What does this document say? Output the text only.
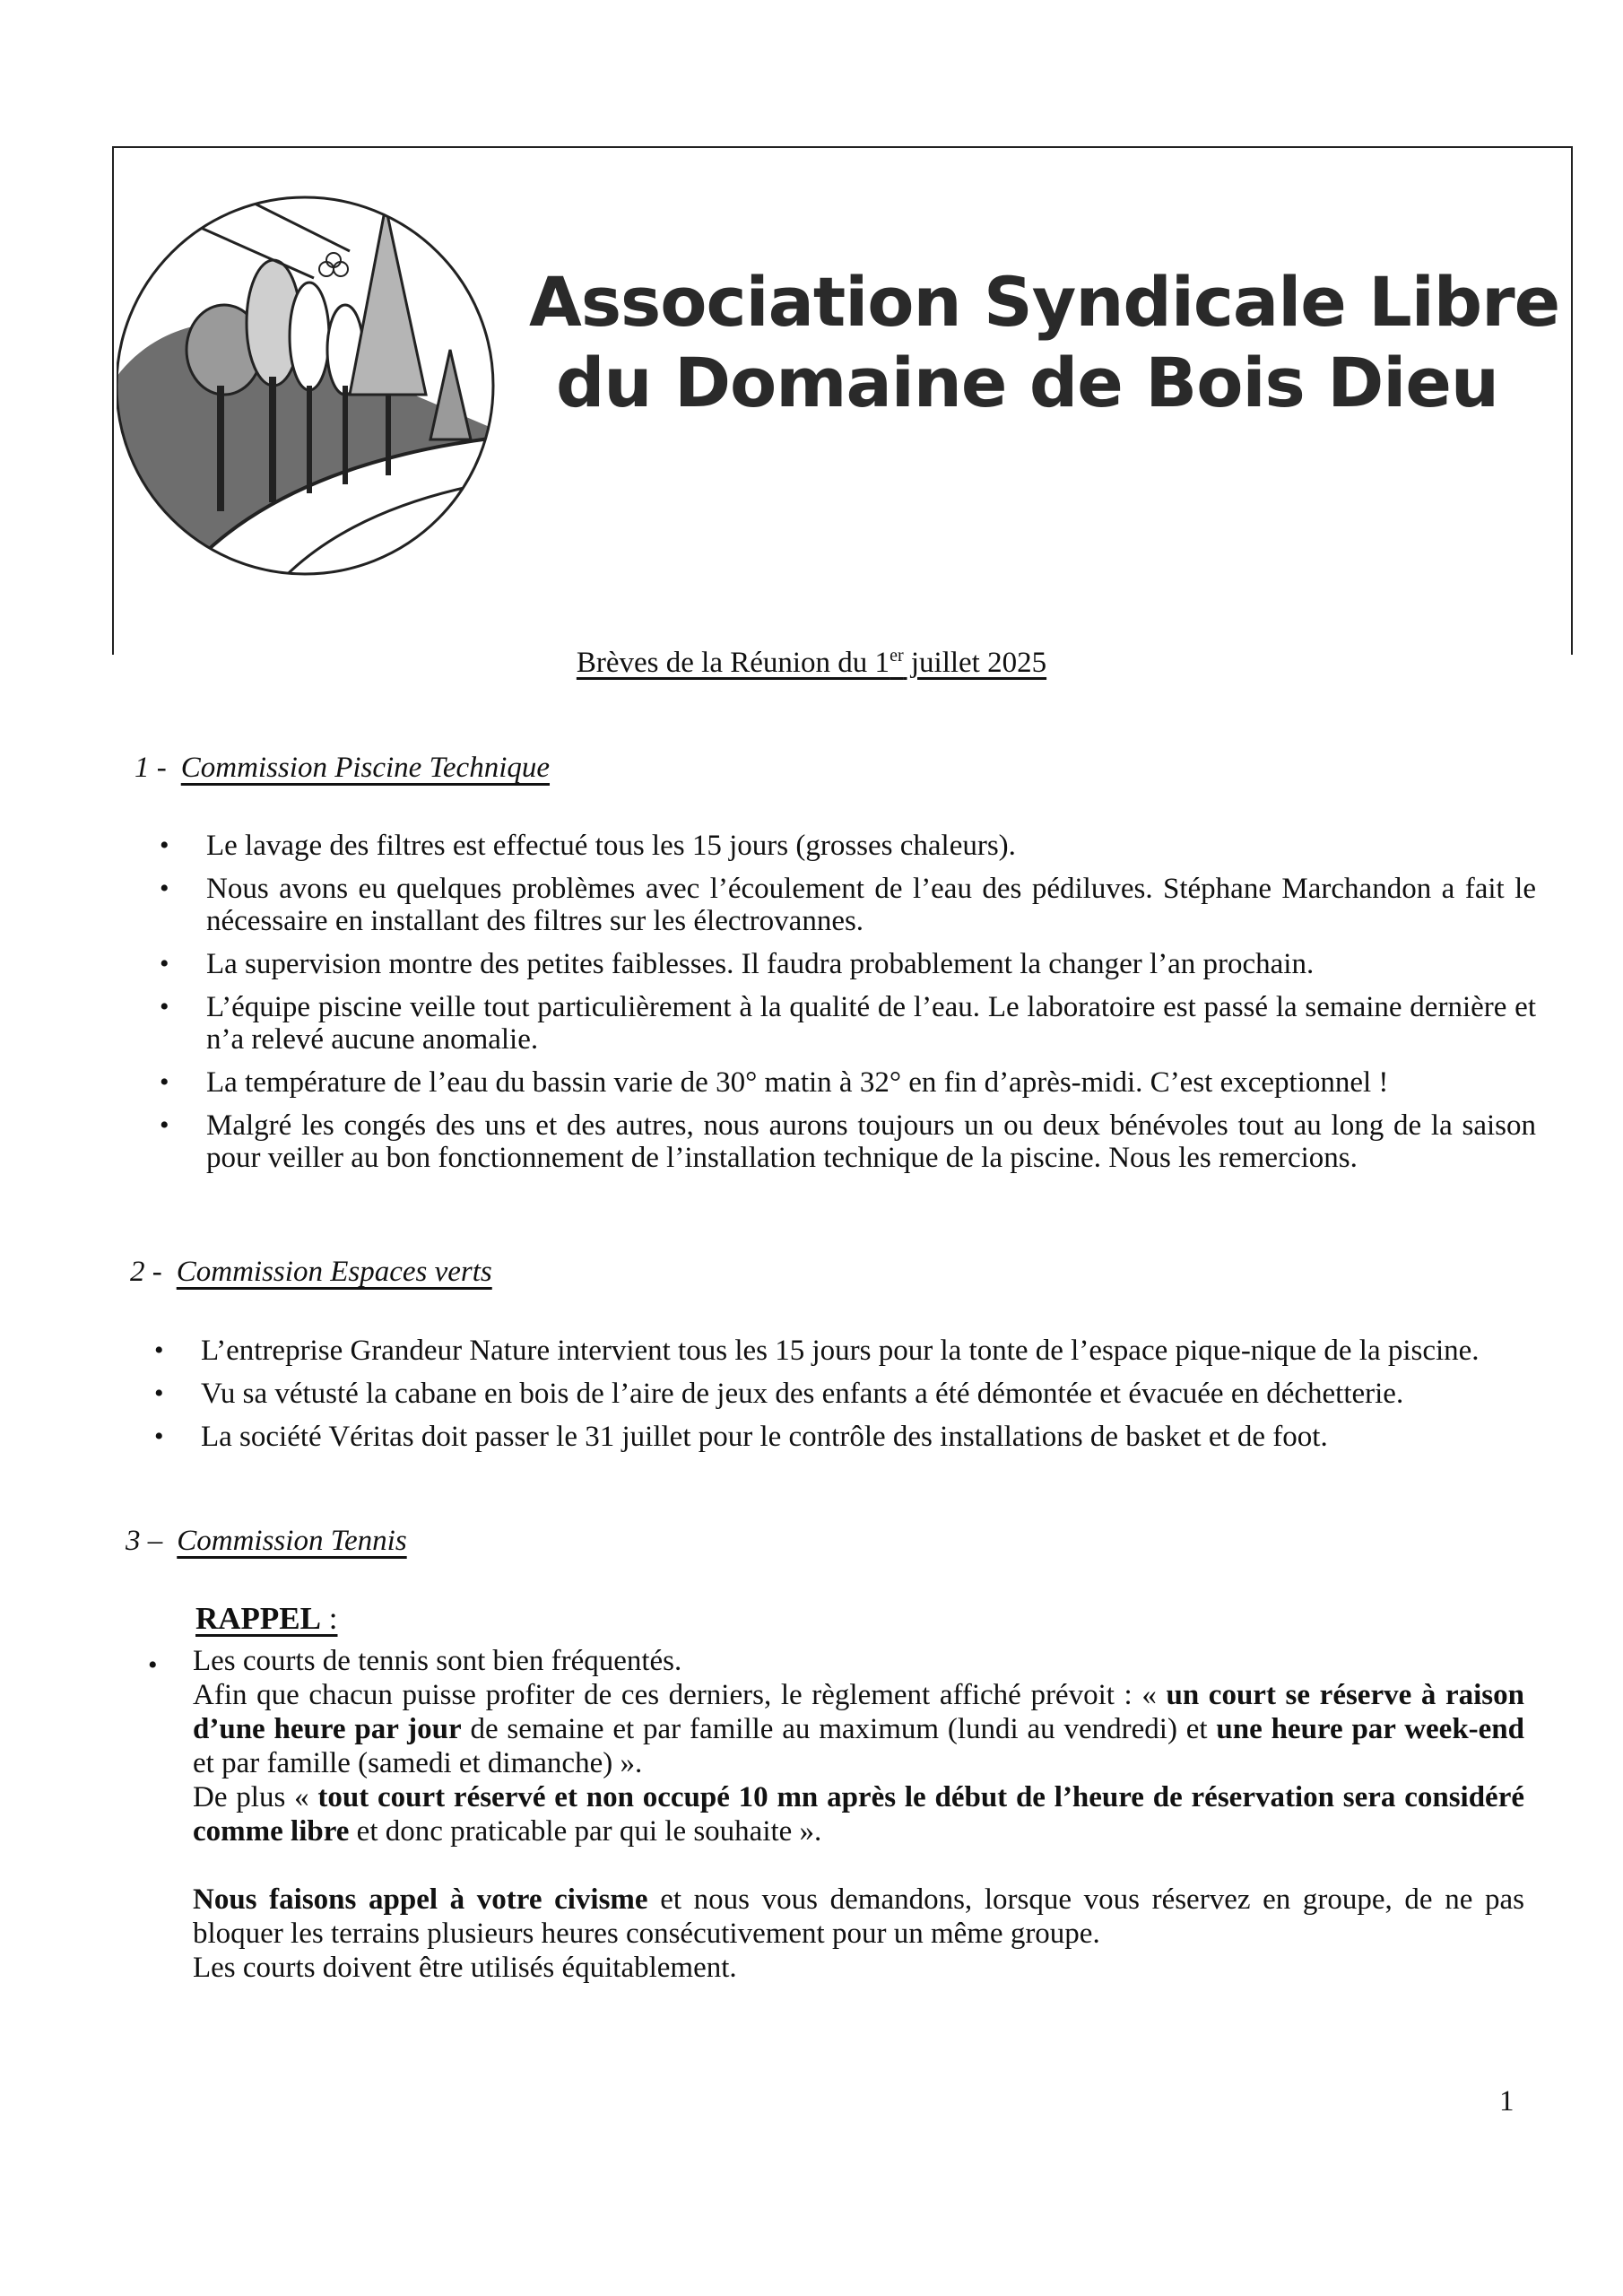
Association Syndicale Libre
du Domaine de Bois Dieu
Brèves de la Réunion du 1er juillet 2025
1 - Commission Piscine Technique
• Le lavage des filtres est effectué tous les 15 jours (grosses chaleurs).
• Nous avons eu quelques problèmes avec l’écoulement de l’eau des pédiluves. Stéphane Marchandon a fait le nécessaire en installant des filtres sur les électrovannes.
• La supervision montre des petites faiblesses. Il faudra probablement la changer l’an prochain.
• L’équipe piscine veille tout particulièrement à la qualité de l’eau. Le laboratoire est passé la semaine dernière et n’a relevé aucune anomalie.
• La température de l’eau du bassin varie de 30° matin à 32° en fin d’après-midi. C’est exceptionnel !
• Malgré les congés des uns et des autres, nous aurons toujours un ou deux bénévoles tout au long de la saison pour veiller au bon fonctionnement de l’installation technique de la piscine. Nous les remercions.
2 - Commission Espaces verts
• L’entreprise Grandeur Nature intervient tous les 15 jours pour la tonte de l’espace pique-nique de la piscine.
• Vu sa vétusté la cabane en bois de l’aire de jeux des enfants a été démontée et évacuée en déchetterie.
• La société Véritas doit passer le 31 juillet pour le contrôle des installations de basket et de foot.
3 – Commission Tennis
RAPPEL :
• Les courts de tennis sont bien fréquentés.

Afin que chacun puisse profiter de ces derniers, le règlement affiché prévoit : « un court se réserve à raison d’une heure par jour de semaine et par famille au maximum (lundi au vendredi) et une heure par week-end et par famille (samedi et dimanche) ».

De plus « tout court réservé et non occupé 10 mn après le début de l’heure de réservation sera considéré comme libre et donc praticable par qui le souhaite ».

Nous faisons appel à votre civisme et nous vous demandons, lorsque vous réservez en groupe, de ne pas bloquer les terrains plusieurs heures consécutivement pour un même groupe.

Les courts doivent être utilisés équitablement.

1
